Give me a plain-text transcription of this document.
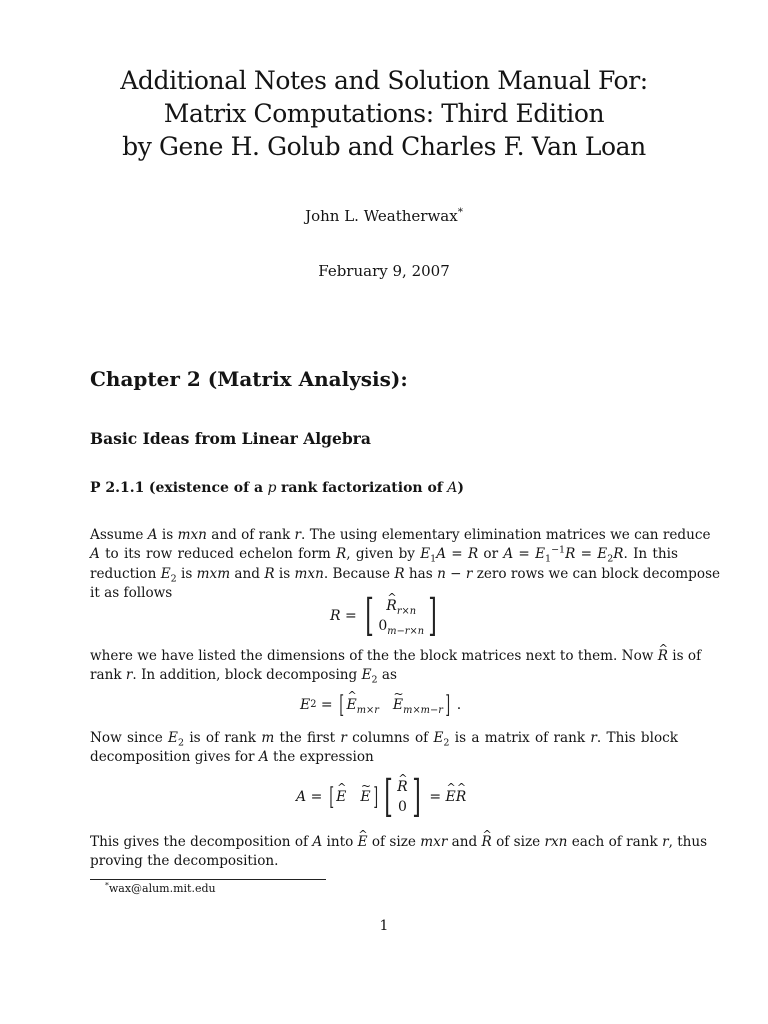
Additional Notes and Solution Manual For:
Matrix Computations: Third Edition
by Gene H. Golub and Charles F. Van Loan
John L. Weatherwax*
February 9, 2007
Chapter 2 (Matrix Analysis):
Basic Ideas from Linear Algebra
P 2.1.1 (existence of a p rank factorization of A)
Assume A is mxn and of rank r. The using elementary elimination matrices we can reduce
A to its row reduced echelon form R, given by $E_1A = R$ or $A = E_1^{-1}R = E_2R$. In this
reduction $E_2$ is mxm and R is mxn. Because R has n − r zero rows we can block decompose
it as follows
R = [ ^ $R_{r\times n}$
$0_{m-r\times n}$ ]
where we have listed the dimensions of the the block matrices next to them. Now ^ R is of
rank r. In addition, block decomposing $E_2$ as
E 2 = [ ^ $E_{m\times r}$ ~ $E_{m\times m-r}$ ] .
Now since $E_2$ is of rank m the first r columns of $E_2$ is a matrix of rank r. This block
decomposition gives for A the expression
A = [ ^ E ~ E ] [ ^ R
0 ] = ^ E ^ R
This gives the decomposition of A into ^ E of size mxr and ^ R of size rxn each of rank r, thus
proving the decomposition.
*wax@alum.mit.edu
1
